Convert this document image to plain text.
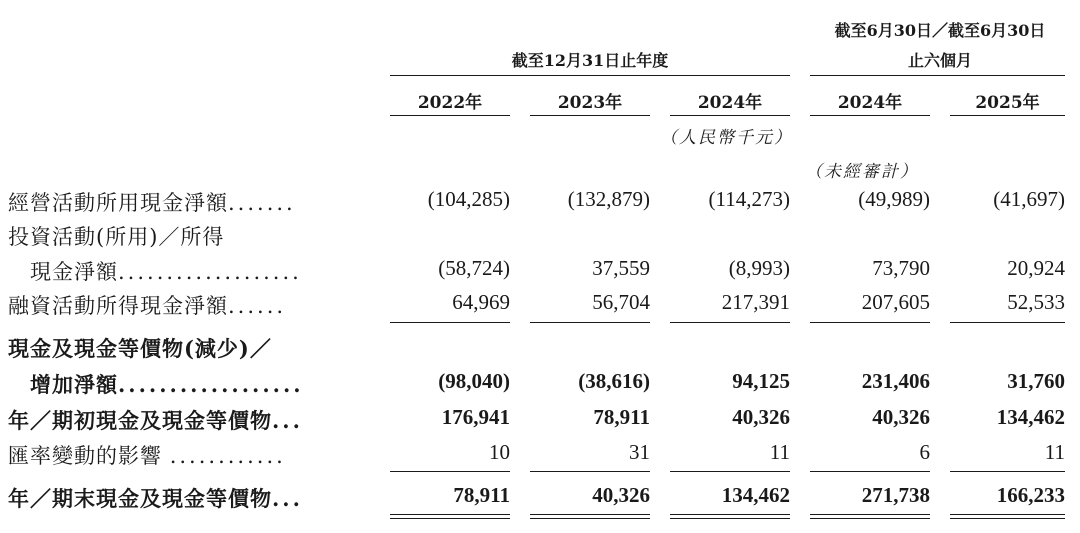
截至12月31日止年度
截至6月30日／截至6月30日
止六個月
2022年	2023年	2024年	2024年	2025年
（人民幣千元）
（未經審計）
經營活動所用現金淨額.......	(104,285)	(132,879)	(114,273)	(49,989)	(41,697)
投資活動(所用)／所得
現金淨額...................	(58,724)	37,559	(8,993)	73,790	20,924
融資活動所得現金淨額......	64,969	56,704	217,391	207,605	52,533
現金及現金等價物(減少)／
增加淨額..................	(98,040)	(38,616)	94,125	231,406	31,760
年／期初現金及現金等價物...	176,941	78,911	40,326	40,326	134,462
匯率變動的影響 ............	10	31	11	6	11
年／期末現金及現金等價物...	78,911	40,326	134,462	271,738	166,233
